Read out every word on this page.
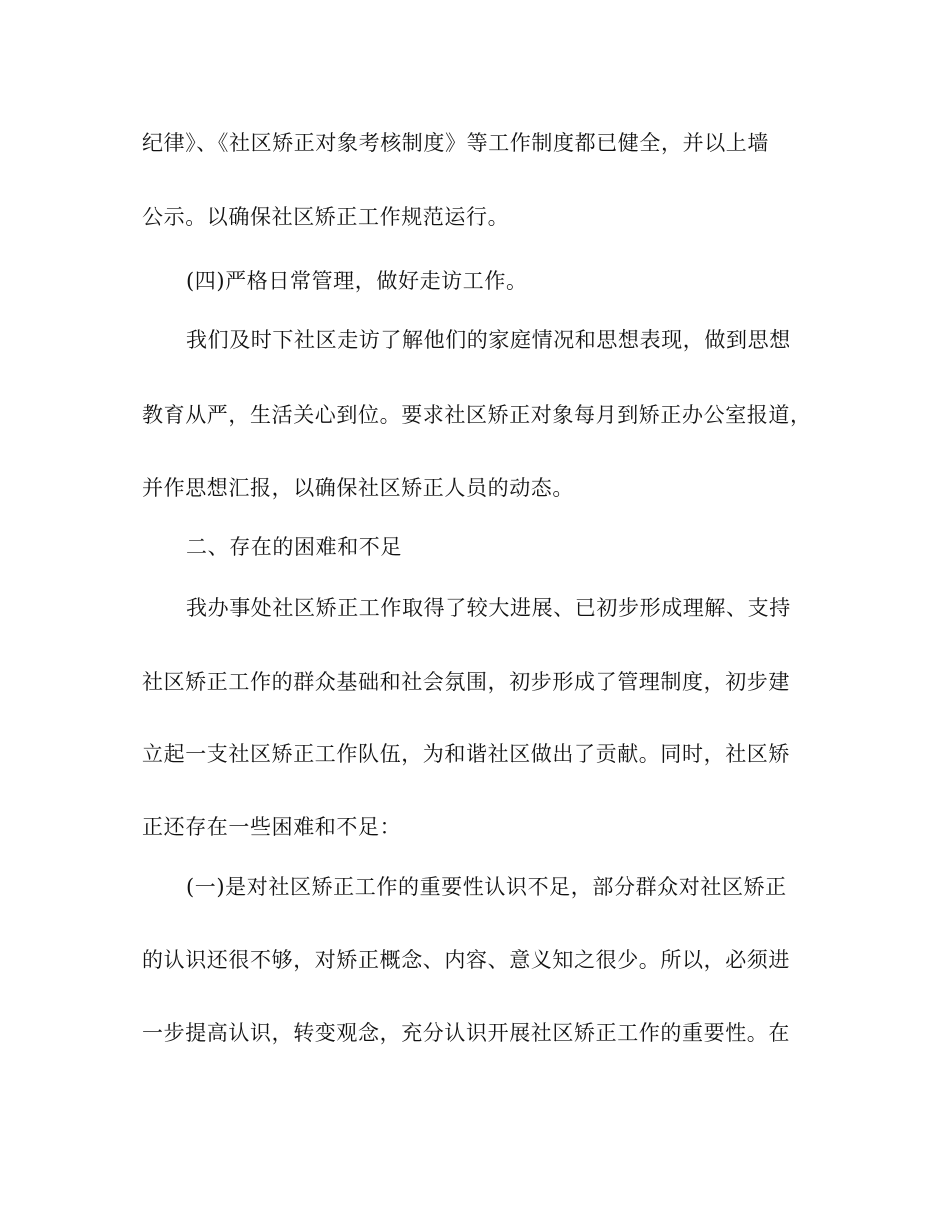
纪律》、《社区矫正对象考核制度》等工作制度都已健全，并以上墙
公示。以确保社区矫正工作规范运行。
(四)严格日常管理，做好走访工作。
我们及时下社区走访了解他们的家庭情况和思想表现，做到思想
教育从严，生活关心到位。要求社区矫正对象每月到矫正办公室报道，
并作思想汇报，以确保社区矫正人员的动态。
二、存在的困难和不足
我办事处社区矫正工作取得了较大进展、已初步形成理解、支持
社区矫正工作的群众基础和社会氛围，初步形成了管理制度，初步建
立起一支社区矫正工作队伍，为和谐社区做出了贡献。同时，社区矫
正还存在一些困难和不足：
(一)是对社区矫正工作的重要性认识不足，部分群众对社区矫正
的认识还很不够，对矫正概念、内容、意义知之很少。所以，必须进
一步提高认识，转变观念，充分认识开展社区矫正工作的重要性。在
